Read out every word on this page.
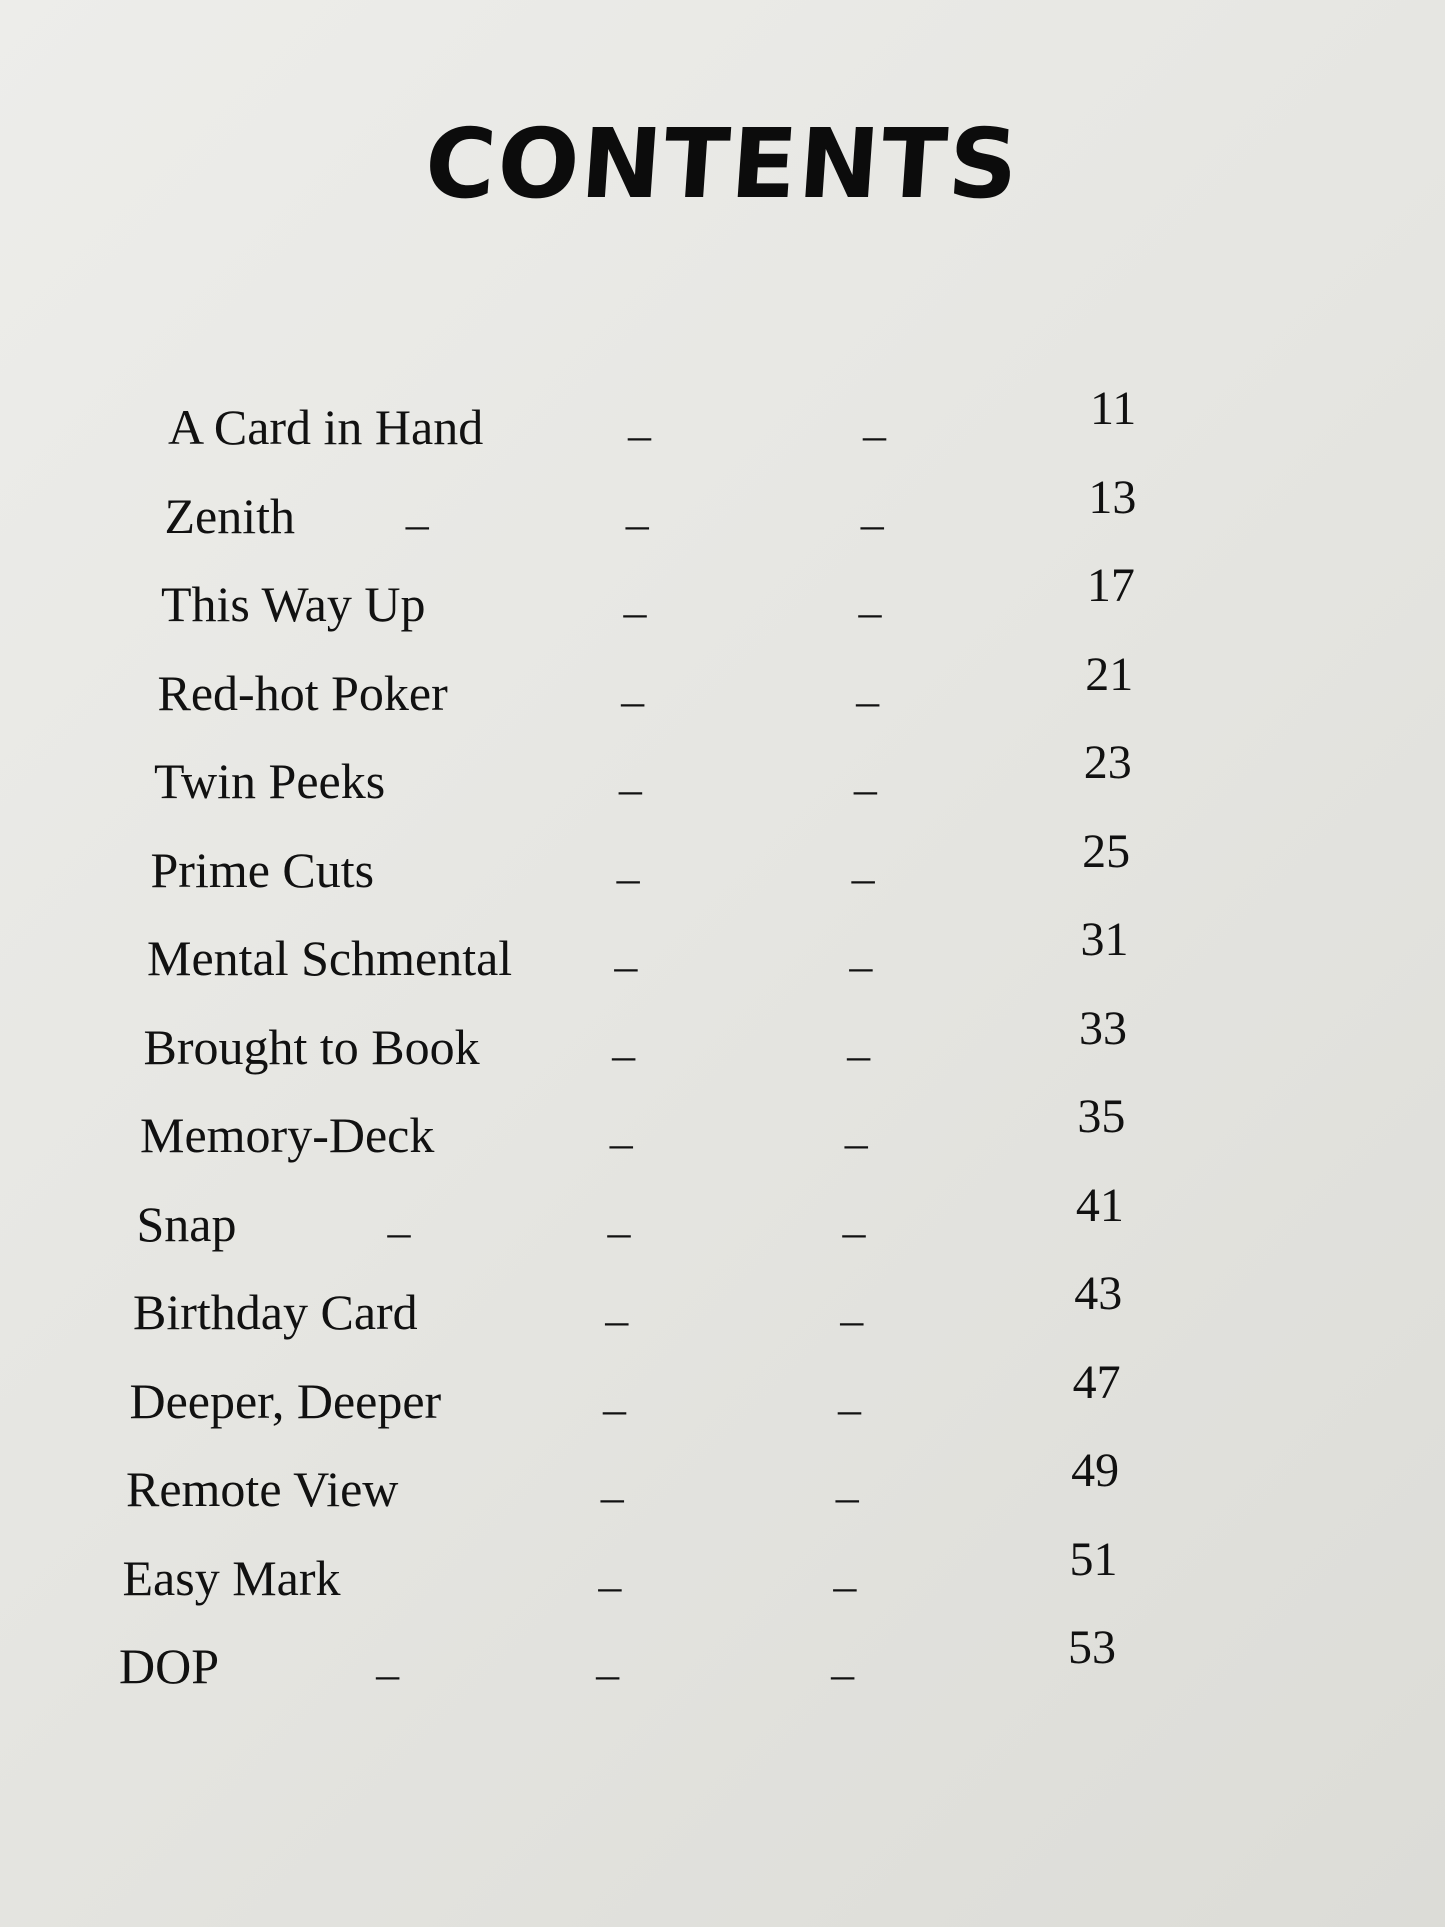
CONTENTS
A Card in Hand	–	–	11
Zenith –	–	–	13
This Way Up	–	–	17
Red-hot Poker	–	–	21
Twin Peeks	–	–	23
Prime Cuts	–	–	25
Mental Schmental –	–	31
Brought to Book	–	–	33
Memory-Deck	–	–	35
Snap	–	–	–	41
Birthday Card	–	–	43
Deeper, Deeper	–	–	47
Remote View	–	–	49
Easy Mark	–	–	51
DOP	–	–	–	53
